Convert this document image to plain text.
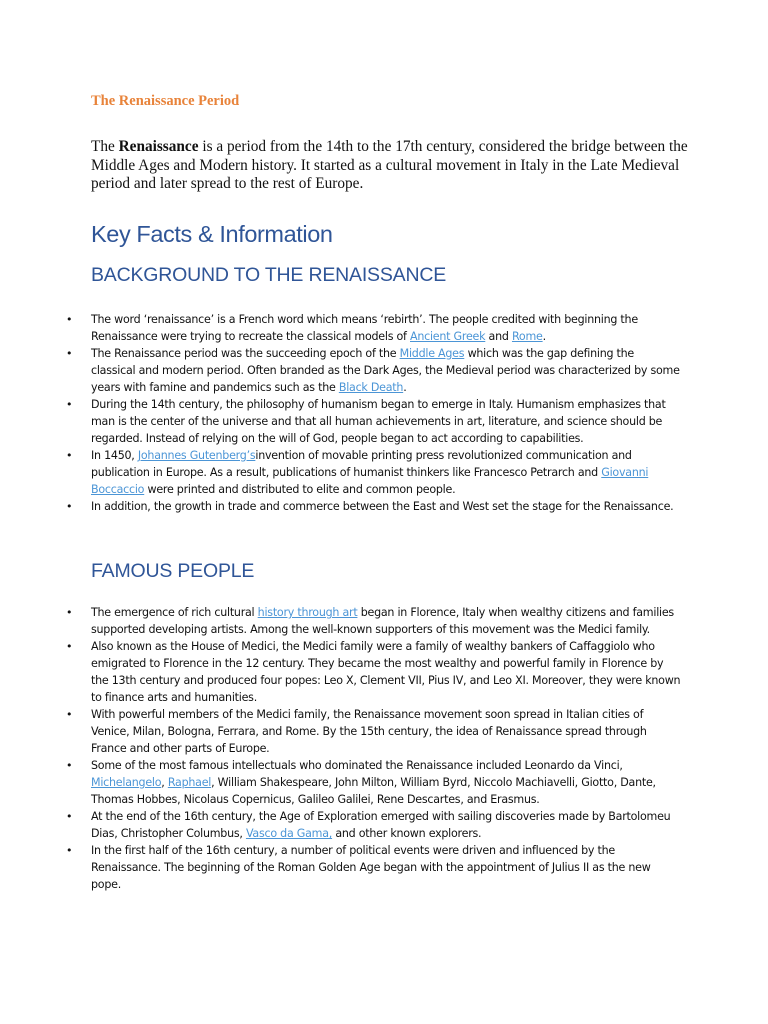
The Renaissance Period

The Renaissance is a period from the 14th to the 17th century, considered the bridge between the Middle Ages and Modern history. It started as a cultural movement in Italy in the Late Medieval period and later spread to the rest of Europe.

Key Facts & Information
BACKGROUND TO THE RENAISSANCE
• The word ‘renaissance’ is a French word which means ‘rebirth’. The people credited with beginning the Renaissance were trying to recreate the classical models of Ancient Greek and Rome.
• The Renaissance period was the succeeding epoch of the Middle Ages which was the gap defining the classical and modern period. Often branded as the Dark Ages, the Medieval period was characterized by some years with famine and pandemics such as the Black Death.
• During the 14th century, the philosophy of humanism began to emerge in Italy. Humanism emphasizes that man is the center of the universe and that all human achievements in art, literature, and science should be regarded. Instead of relying on the will of God, people began to act according to capabilities.
• In 1450, Johannes Gutenberg’sinvention of movable printing press revolutionized communication and publication in Europe. As a result, publications of humanist thinkers like Francesco Petrarch and Giovanni Boccaccio were printed and distributed to elite and common people.
• In addition, the growth in trade and commerce between the East and West set the stage for the Renaissance.
FAMOUS PEOPLE
• The emergence of rich cultural history through art began in Florence, Italy when wealthy citizens and families supported developing artists. Among the well-known supporters of this movement was the Medici family.
• Also known as the House of Medici, the Medici family were a family of wealthy bankers of Caffaggiolo who emigrated to Florence in the 12 century. They became the most wealthy and powerful family in Florence by the 13th century and produced four popes: Leo X, Clement VII, Pius IV, and Leo XI. Moreover, they were known to finance arts and humanities.
• With powerful members of the Medici family, the Renaissance movement soon spread in Italian cities of Venice, Milan, Bologna, Ferrara, and Rome. By the 15th century, the idea of Renaissance spread through France and other parts of Europe.
• Some of the most famous intellectuals who dominated the Renaissance included Leonardo da Vinci, Michelangelo, Raphael, William Shakespeare, John Milton, William Byrd, Niccolo Machiavelli, Giotto, Dante, Thomas Hobbes, Nicolaus Copernicus, Galileo Galilei, Rene Descartes, and Erasmus.
• At the end of the 16th century, the Age of Exploration emerged with sailing discoveries made by Bartolomeu Dias, Christopher Columbus, Vasco da Gama, and other known explorers.
• In the first half of the 16th century, a number of political events were driven and influenced by the Renaissance. The beginning of the Roman Golden Age began with the appointment of Julius II as the new pope.
